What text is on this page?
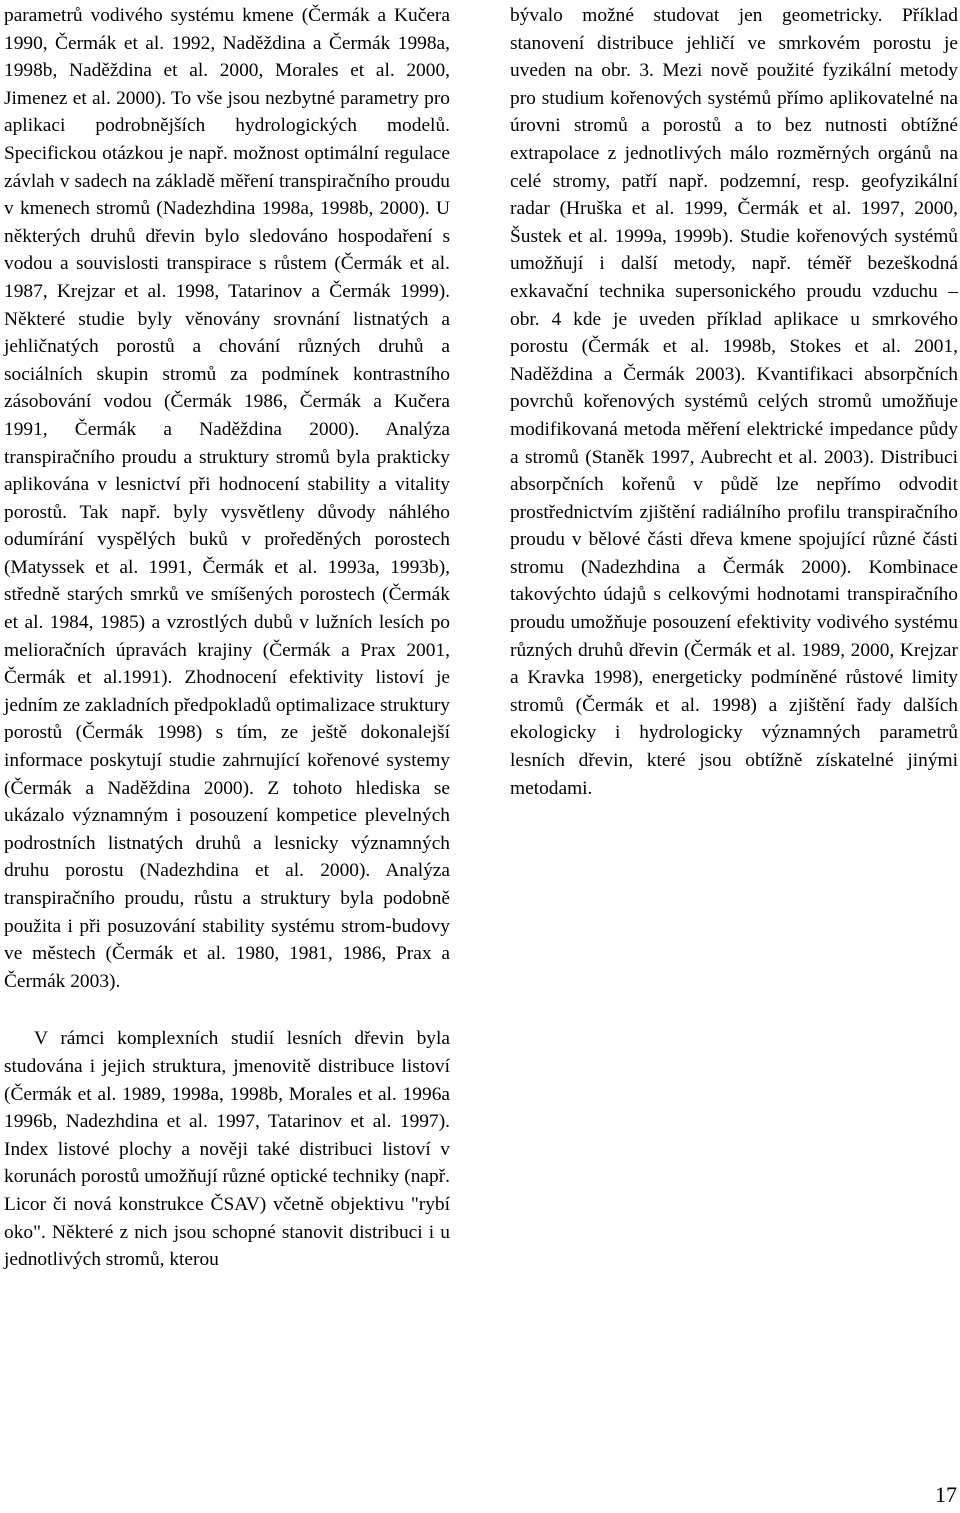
parametrů vodivého systému kmene (Čermák a Kučera 1990, Čermák et al. 1992, Naděždina a Čermák 1998a, 1998b, Naděždina et al. 2000, Morales et al. 2000, Jimenez et al. 2000). To vše jsou nezbytné parametry pro aplikaci podrobnějších hydrologických modelů. Specifickou otázkou je např. možnost optimální regulace závlah v sadech na základě měření transpiračního proudu v kmenech stromů (Nadezhdina 1998a, 1998b, 2000). U některých druhů dřevin bylo sledováno hospodaření s vodou a souvislosti transpirace s růstem (Čermák et al. 1987, Krejzar et al. 1998, Tatarinov a Čermák 1999). Některé studie byly věnovány srovnání listnatých a jehličnatých porostů a chování různých druhů a sociálních skupin stromů za podmínek kontrastního zásobování vodou (Čermák 1986, Čermák a Kučera 1991, Čermák a Naděždina 2000). Analýza transpiračního proudu a struktury stromů byla prakticky aplikována v lesnictví při hodnocení stability a vitality porostů. Tak např. byly vysvětleny důvody náhlého odumírání vyspělých buků v proředěných porostech (Matyssek et al. 1991, Čermák et al. 1993a, 1993b), středně starých smrků ve smíšených porostech (Čermák et al. 1984, 1985) a vzrostlých dubů v lužních lesích po melioračních úpravách krajiny (Čermák a Prax 2001, Čermák et al.1991). Zhodnocení efektivity listoví je jedním ze zakladních předpokladů optimalizace struktury porostů (Čermák 1998) s tím, ze ještě dokonalejší informace poskytují studie zahrnující kořenové systemy (Čermák a Naděždina 2000). Z tohoto hlediska se ukázalo významným i posouzení kompetice plevelných podrostních listnatých druhů a lesnicky významných druhu porostu (Nadezhdina et al. 2000). Analýza transpiračního proudu, růstu a struktury byla podobně použita i při posuzování stability systému strom-budovy ve městech (Čermák et al. 1980, 1981, 1986, Prax a Čermák 2003).

V rámci komplexních studií lesních dřevin byla studována i jejich struktura, jmenovitě distribuce listoví (Čermák et al. 1989, 1998a, 1998b, Morales et al. 1996a 1996b, Nadezhdina et al. 1997, Tatarinov et al. 1997). Index listové plochy a nověji také distribuci listoví v korunách porostů umožňují různé optické techniky (např. Licor či nová konstrukce ČSAV) včetně objektivu "rybí oko". Některé z nich jsou schopné stanovit distribuci i u jednotlivých stromů, kterou

bývalo možné studovat jen geometricky. Příklad stanovení distribuce jehličí ve smrkovém porostu je uveden na obr. 3. Mezi nově použité fyzikální metody pro studium kořenových systémů přímo aplikovatelné na úrovni stromů a porostů a to bez nutnosti obtížné extrapolace z jednotlivých málo rozměrných orgánů na celé stromy, patří např. podzemní, resp. geofyzikální radar (Hruška et al. 1999, Čermák et al. 1997, 2000, Šustek et al. 1999a, 1999b). Studie kořenových systémů umožňují i další metody, např. téměř bezeškodná exkavační technika supersonického proudu vzduchu – obr. 4 kde je uveden příklad aplikace u smrkového porostu (Čermák et al. 1998b, Stokes et al. 2001, Naděždina a Čermák 2003). Kvantifikaci absorpčních povrchů kořenových systémů celých stromů umožňuje modifikovaná metoda měření elektrické impedance půdy a stromů (Staněk 1997, Aubrecht et al. 2003). Distribuci absorpčních kořenů v půdě lze nepřímo odvodit prostřednictvím zjištění radiálního profilu transpiračního proudu v bělové části dřeva kmene spojující různé části stromu (Nadezhdina a Čermák 2000). Kombinace takovýchto údajů s celkovými hodnotami transpiračního proudu umožňuje posouzení efektivity vodivého systému různých druhů dřevin (Čermák et al. 1989, 2000, Krejzar a Kravka 1998), energeticky podmíněné růstové limity stromů (Čermák et al. 1998) a zjištění řady dalších ekologicky i hydrologicky významných parametrů lesních dřevin, které jsou obtížně získatelné jinými metodami.

17
